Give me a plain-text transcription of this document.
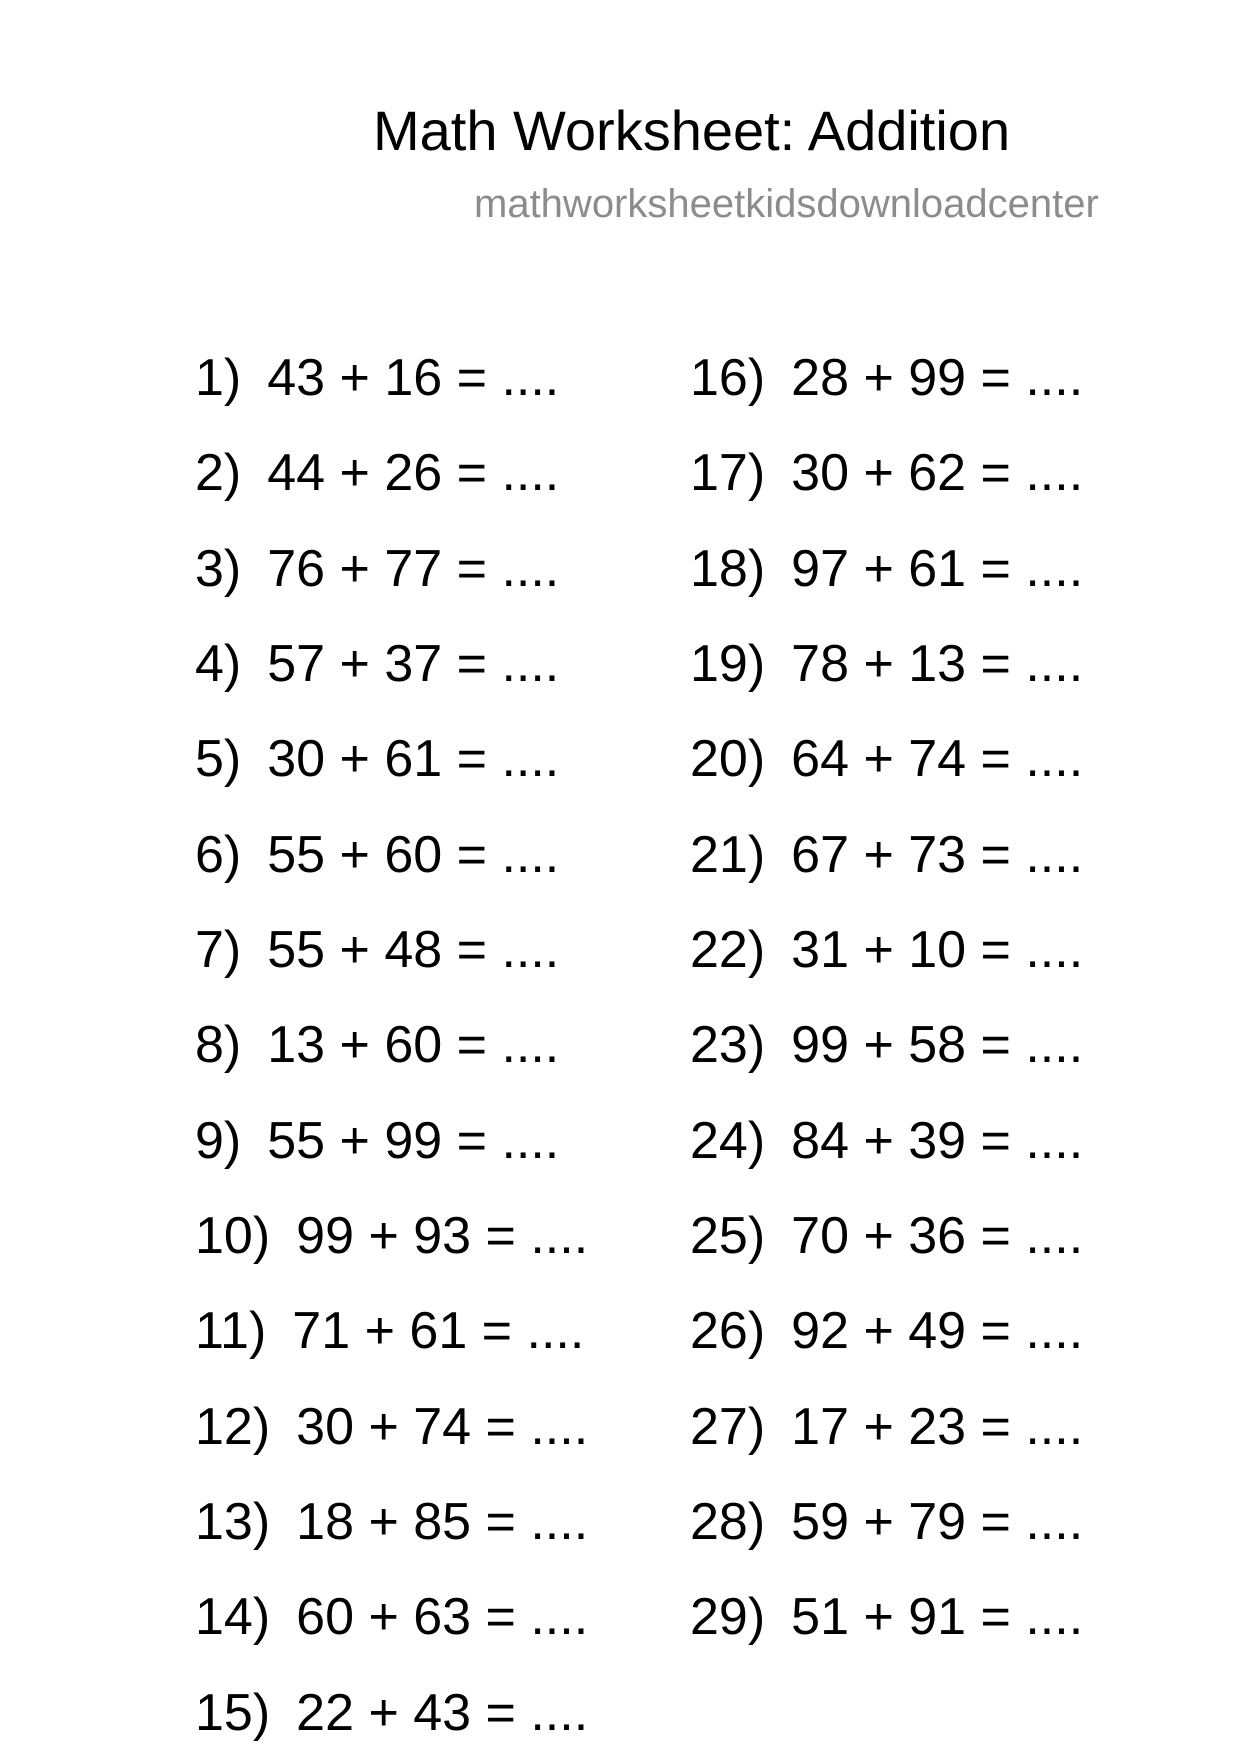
Math Worksheet: Addition
mathworksheetkidsdownloadcenter
1) 43 + 16 = ....
2) 44 + 26 = ....
3) 76 + 77 = ....
4) 57 + 37 = ....
5) 30 + 61 = ....
6) 55 + 60 = ....
7) 55 + 48 = ....
8) 13 + 60 = ....
9) 55 + 99 = ....
10) 99 + 93 = ....
11) 71 + 61 = ....
12) 30 + 74 = ....
13) 18 + 85 = ....
14) 60 + 63 = ....
15) 22 + 43 = ....
16) 28 + 99 = ....
17) 30 + 62 = ....
18) 97 + 61 = ....
19) 78 + 13 = ....
20) 64 + 74 = ....
21) 67 + 73 = ....
22) 31 + 10 = ....
23) 99 + 58 = ....
24) 84 + 39 = ....
25) 70 + 36 = ....
26) 92 + 49 = ....
27) 17 + 23 = ....
28) 59 + 79 = ....
29) 51 + 91 = ....
